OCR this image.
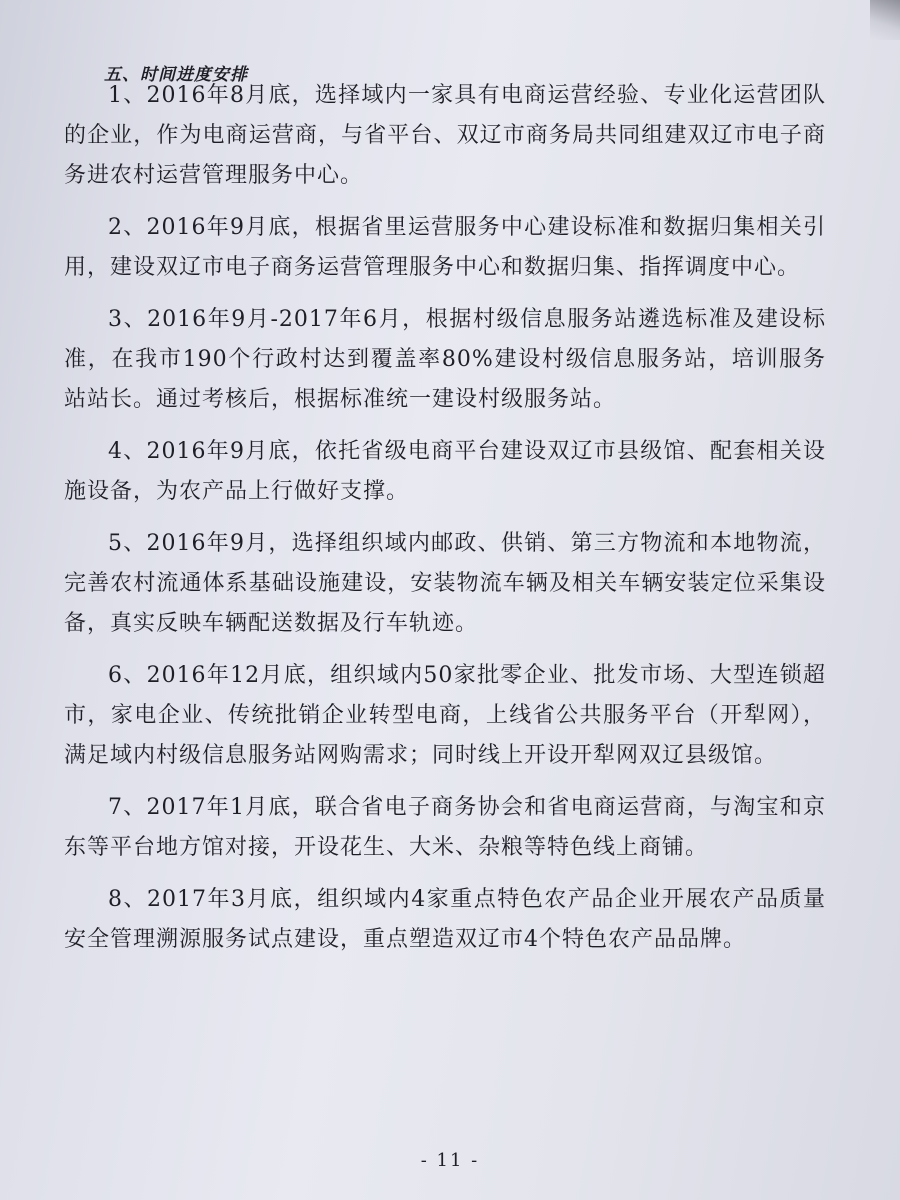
五、时间进度安排

1、2016年8月底，选择域内一家具有电商运营经验、专业化运营团队的企业，作为电商运营商，与省平台、双辽市商务局共同组建双辽市电子商务进农村运营管理服务中心。

2、2016年9月底，根据省里运营服务中心建设标准和数据归集相关引用，建设双辽市电子商务运营管理服务中心和数据归集、指挥调度中心。

3、2016年9月-2017年6月，根据村级信息服务站遴选标准及建设标准，在我市190个行政村达到覆盖率80%建设村级信息服务站，培训服务站站长。通过考核后，根据标准统一建设村级服务站。

4、2016年9月底，依托省级电商平台建设双辽市县级馆、配套相关设施设备，为农产品上行做好支撑。

5、2016年9月，选择组织域内邮政、供销、第三方物流和本地物流，完善农村流通体系基础设施建设，安装物流车辆及相关车辆安装定位采集设备，真实反映车辆配送数据及行车轨迹。

6、2016年12月底，组织域内50家批零企业、批发市场、大型连锁超市，家电企业、传统批销企业转型电商，上线省公共服务平台（开犁网），满足域内村级信息服务站网购需求；同时线上开设开犁网双辽县级馆。

7、2017年1月底，联合省电子商务协会和省电商运营商，与淘宝和京东等平台地方馆对接，开设花生、大米、杂粮等特色线上商铺。

8、2017年3月底，组织域内4家重点特色农产品企业开展农产品质量安全管理溯源服务试点建设，重点塑造双辽市4个特色农产品品牌。

- 11 -
